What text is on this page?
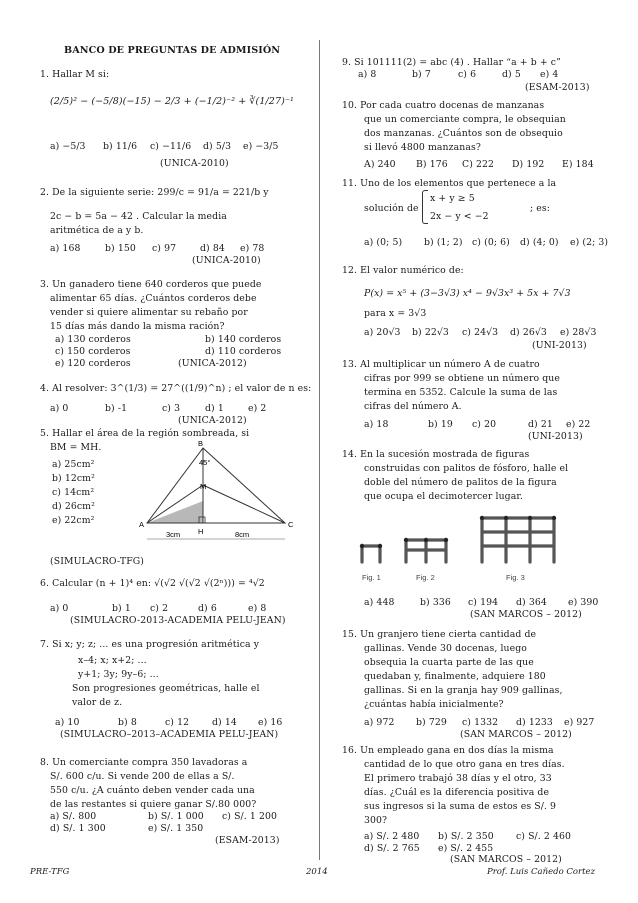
BANCO DE PREGUNTAS DE ADMISIÓN
1. Hallar M si:
(2/5)² − (−5/8)(−15) − 2/3 + (−1/2)⁻² + ∛(1/27)⁻¹
a) −5/3 b) 11/6 c) −11/6 d) 5/3 e) −3/5
(UNICA-2010)
2. De la siguiente serie: 299/c = 91/a = 221/b y
2c − b = 5a − 42 . Calcular la media
aritmética de a y b.
a) 168	b) 150 c) 97	d) 84 e) 78
(UNICA-2010)
3. Un ganadero tiene 640 corderos que puede
alimentar 65 días. ¿Cuántos corderos debe
vender si quiere alimentar su rebaño por
15 días más dando la misma ración?
a) 130 corderos	b) 140 corderos
c) 150 corderos	d) 110 corderos
e) 120 corderos	(UNICA-2012)
4. Al resolver: 3^(1/3) = 27^((1/9)^n) ; el valor de n es:
a) 0	b) -1	c) 3	d) 1	e) 2
(UNICA-2012)
5. Hallar el área de la región sombreada, si
BM = MH.
a) 25cm²
b) 12cm²
c) 14cm²
d) 26cm²
e) 22cm²
B
A	C
M
H
45°
3cm	8cm
(SIMULACRO-TFG)
6. Calcular (n + 1)⁴ en: √(√2 √(√2 √(2ⁿ))) = ⁴√2
a) 0	b) 1 c) 2	d) 6	e) 8
(SIMULACRO-2013-ACADEMIA PELU-JEAN)
7. Si x; y; z; ... es una progresión aritmética y
x–4; x; x+2; ...
y+1; 3y; 9y–6; ...
Son progresiones geométricas, halle el
valor de z.
a) 10	b) 8	c) 12 d) 14 e) 16
(SIMULACRO–2013–ACADEMIA PELU-JEAN)
8. Un comerciante compra 350 lavadoras a
S/. 600 c/u. Si vende 200 de ellas a S/.
550 c/u. ¿A cuánto deben vender cada una
de las restantes si quiere ganar S/.80 000?
a) S/. 800	b) S/. 1 000 c) S/. 1 200
d) S/. 1 300	e) S/. 1 350
(ESAM-2013)
9. Si 101111(2) = abc (4) . Hallar “a + b + c”
a) 8	b) 7	c) 6	d) 5 e) 4
(ESAM-2013)
10. Por cada cuatro docenas de manzanas
que un comerciante compra, le obsequian
dos manzanas. ¿Cuántos son de obsequio
si llevó 4800 manzanas?
A) 240 B) 176 C) 222 D) 192 E) 184
11. Uno de los elementos que pertenece a la
solución de
x + y ≥ 5
2x − y < −2
; es:
a) (0; 5) b) (1; 2) c) (0; 6) d) (4; 0) e) (2; 3)
12. El valor numérico de:
P(x) = x⁵ + (3−3√3) x⁴ − 9√3x³ + 5x + 7√3
para x = 3√3
a) 20√3 b) 22√3 c) 24√3 d) 26√3 e) 28√3
(UNI-2013)
13. Al multiplicar un número A de cuatro
cifras por 999 se obtiene un número que
termina en 5352. Calcule la suma de las
cifras del número A.
a) 18	b) 19 c) 20	d) 21 e) 22
(UNI-2013)
14. En la sucesión mostrada de figuras
construidas con palitos de fósforo, halle el
doble del número de palitos de la figura
que ocupa el decimotercer lugar.
Fig. 1	Fig. 2	Fig. 3
a) 448	b) 336 c) 194 d) 364 e) 390
(SAN MARCOS – 2012)
15. Un granjero tiene cierta cantidad de
gallinas. Vende 30 docenas, luego
obsequia la cuarta parte de las que
quedaban y, finalmente, adquiere 180
gallinas. Si en la granja hay 909 gallinas,
¿cuántas había inicialmente?
a) 972 b) 729 c) 1332 d) 1233 e) 927
(SAN MARCOS – 2012)
16. Un empleado gana en dos días la misma
cantidad de lo que otro gana en tres días.
El primero trabajó 38 días y el otro, 33
días. ¿Cuál es la diferencia positiva de
sus ingresos si la suma de estos es S/. 9
300?
a) S/. 2 480 b) S/. 2 350 c) S/. 2 460
d) S/. 2 765 e) S/. 2 455
(SAN MARCOS – 2012)
PRE-TFG	2014	Prof. Luis Cañedo Cortez
